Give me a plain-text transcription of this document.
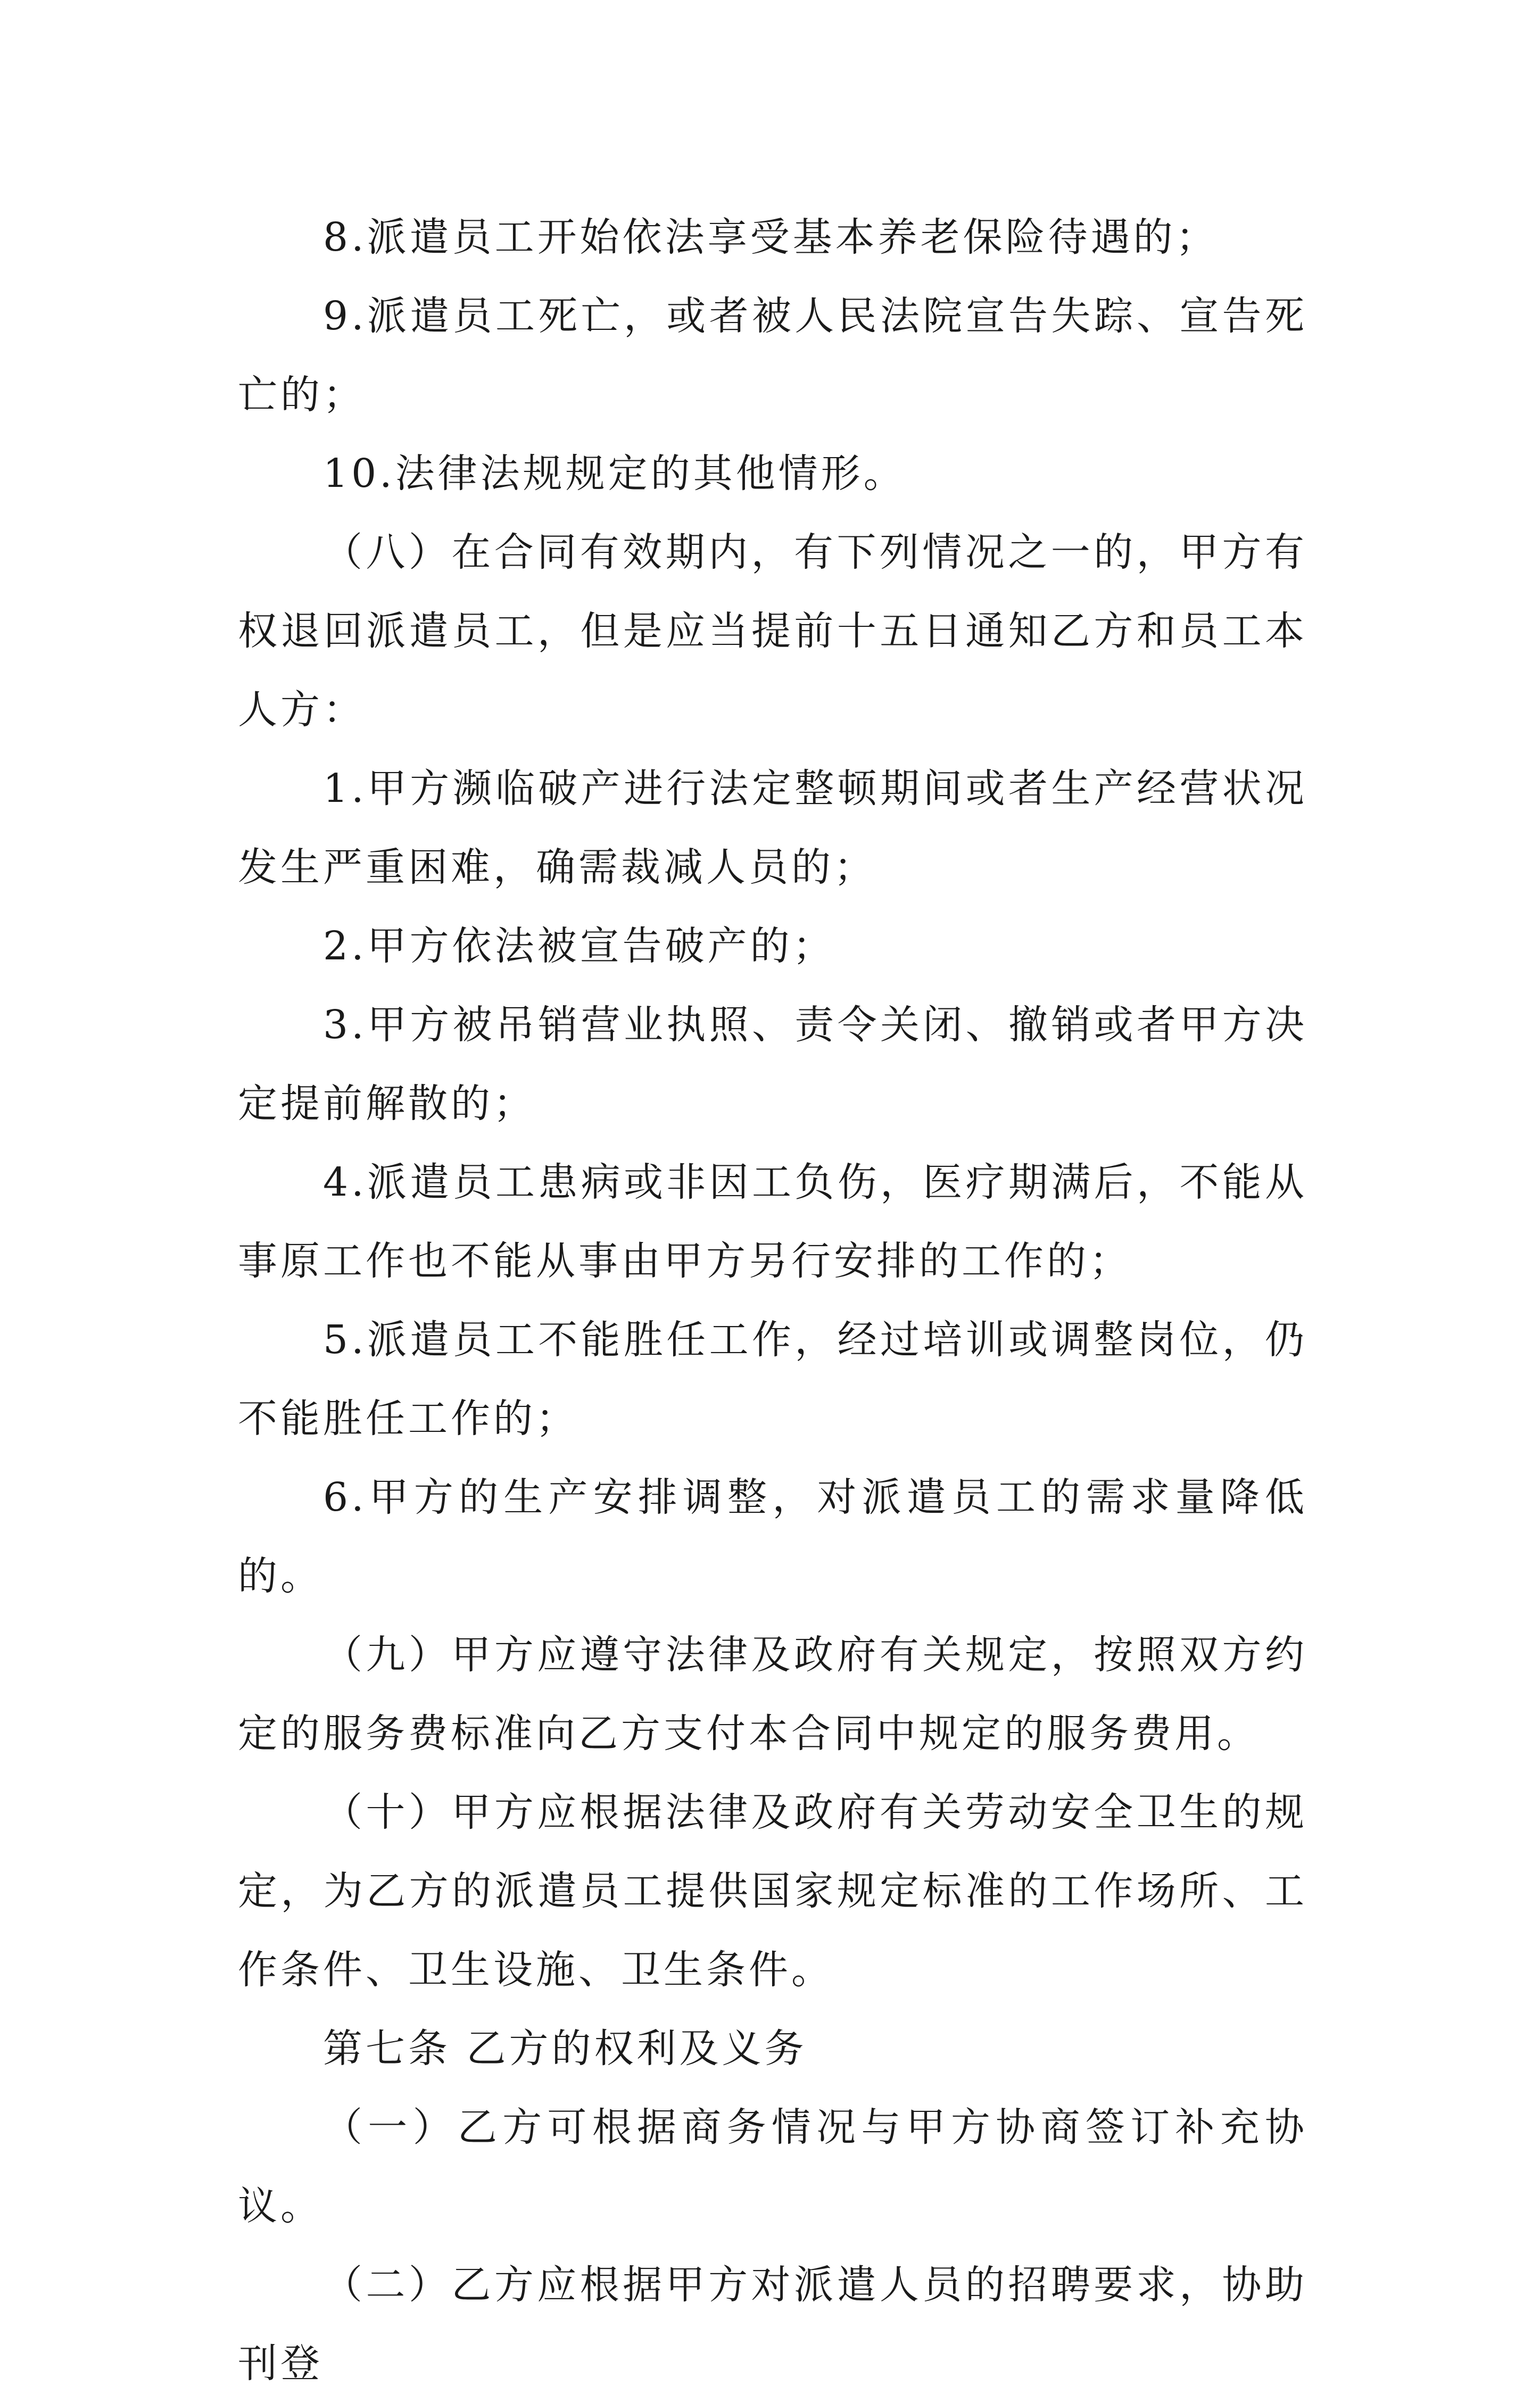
8.派遣员工开始依法享受基本养老保险待遇的；

9.派遣员工死亡，或者被人民法院宣告失踪、宣告死亡的；

10.法律法规规定的其他情形。

（八）在合同有效期内，有下列情况之一的，甲方有权退回派遣员工，但是应当提前十五日通知乙方和员工本人方：

1.甲方濒临破产进行法定整顿期间或者生产经营状况发生严重困难，确需裁减人员的；

2.甲方依法被宣告破产的；

3.甲方被吊销营业执照、责令关闭、撤销或者甲方决定提前解散的；

4.派遣员工患病或非因工负伤，医疗期满后，不能从事原工作也不能从事由甲方另行安排的工作的；

5.派遣员工不能胜任工作，经过培训或调整岗位，仍不能胜任工作的；

6.甲方的生产安排调整，对派遣员工的需求量降低的。

（九）甲方应遵守法律及政府有关规定，按照双方约定的服务费标准向乙方支付本合同中规定的服务费用。

（十）甲方应根据法律及政府有关劳动安全卫生的规定，为乙方的派遣员工提供国家规定标准的工作场所、工作条件、卫生设施、卫生条件。

第七条 乙方的权利及义务

（一）乙方可根据商务情况与甲方协商签订补充协议。

（二）乙方应根据甲方对派遣人员的招聘要求，协助刊登
